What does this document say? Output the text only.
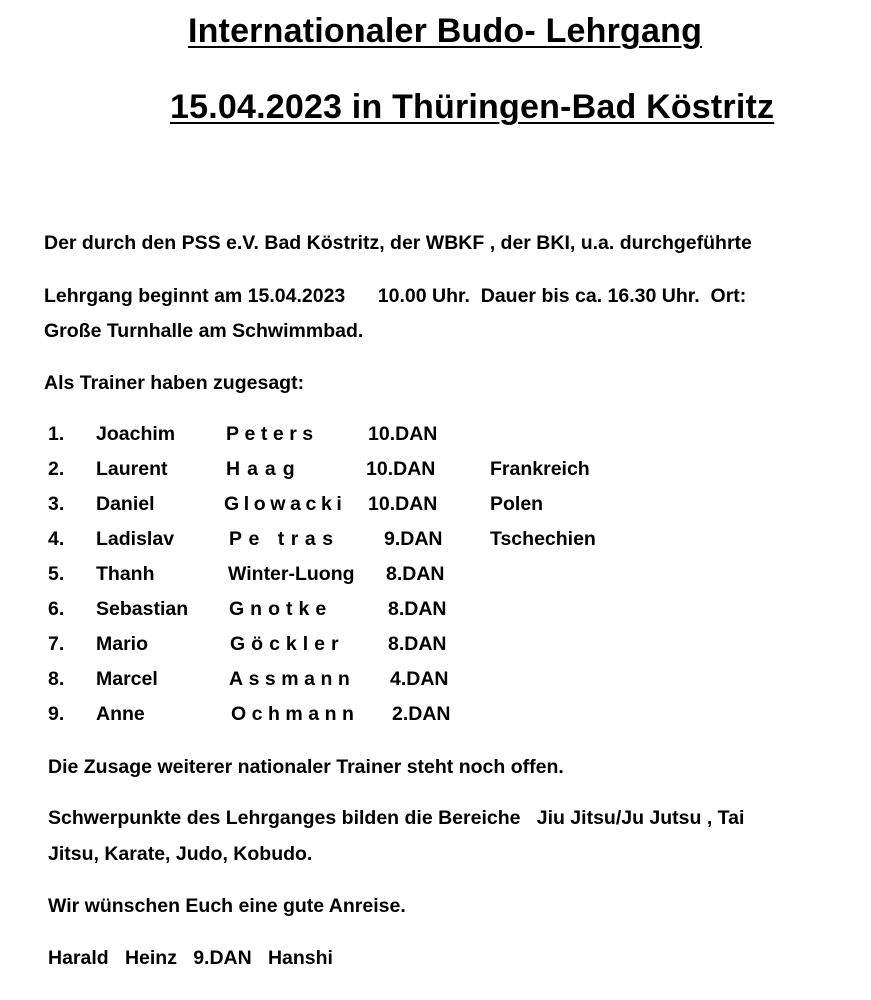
Internationaler Budo- Lehrgang
15.04.2023 in Thüringen-Bad Köstritz
Der durch den PSS e.V. Bad Köstritz, der WBKF , der BKI, u.a. durchgeführte
Lehrgang beginnt am 15.04.2023      10.00 Uhr.  Dauer bis ca. 16.30 Uhr.  Ort:
Große Turnhalle am Schwimmbad.
Als Trainer haben zugesagt:
1. Joachim	Peters	10.DAN
2. Laurent	Haag	10.DAN	Frankreich
3. Daniel	Glowacki 10.DAN	Polen
4. Ladislav	Pe tras 9.DAN Tschechien
5. Thanh	Winter-Luong 8.DAN
6. Sebastian Gnotke	8.DAN
7. Mario	Göckler 8.DAN
8. Marcel	Assmann 4.DAN
9. Anne	Ochmann 2.DAN
Die Zusage weiterer nationaler Trainer steht noch offen.
Schwerpunkte des Lehrganges bilden die Bereiche   Jiu Jitsu/Ju Jutsu , Tai
Jitsu, Karate, Judo, Kobudo.
Wir wünschen Euch eine gute Anreise.
Harald   Heinz   9.DAN   Hanshi
